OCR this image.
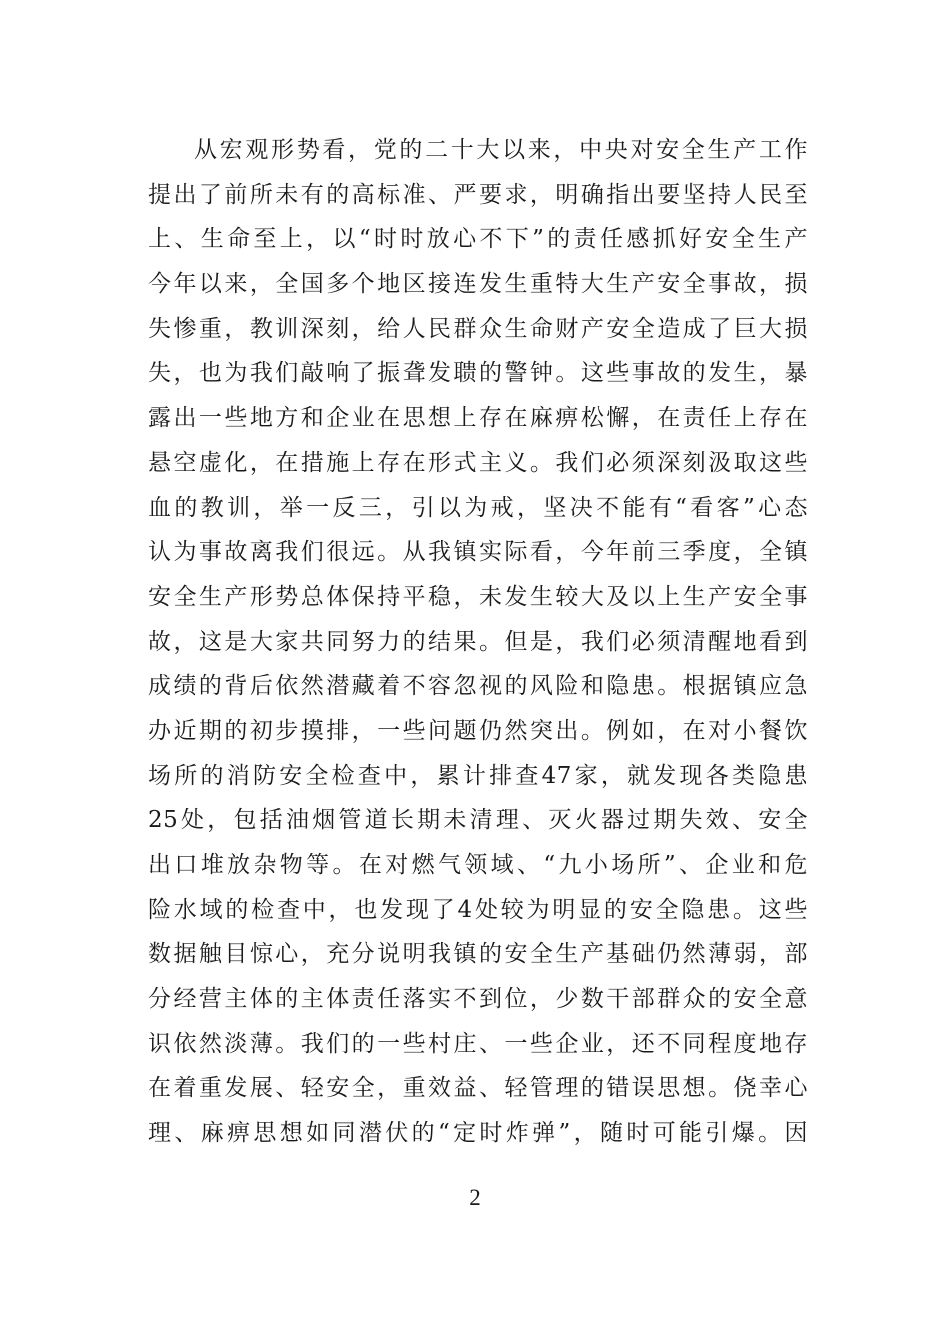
从宏观形势看，党的二十大以来，中央对安全生产工作
提出了前所未有的高标准、严要求，明确指出要坚持人民至
上、生命至上，以“时时放心不下”的责任感抓好安全生产
今年以来，全国多个地区接连发生重特大生产安全事故，损
失惨重，教训深刻，给人民群众生命财产安全造成了巨大损
失，也为我们敲响了振聋发聩的警钟。这些事故的发生，暴
露出一些地方和企业在思想上存在麻痹松懈，在责任上存在
悬空虚化，在措施上存在形式主义。我们必须深刻汲取这些
血的教训，举一反三，引以为戒，坚决不能有“看客”心态
认为事故离我们很远。从我镇实际看，今年前三季度，全镇
安全生产形势总体保持平稳，未发生较大及以上生产安全事
故，这是大家共同努力的结果。但是，我们必须清醒地看到
成绩的背后依然潜藏着不容忽视的风险和隐患。根据镇应急
办近期的初步摸排，一些问题仍然突出。例如，在对小餐饮
场所的消防安全检查中，累计排查47家，就发现各类隐患
25处，包括油烟管道长期未清理、灭火器过期失效、安全
出口堆放杂物等。在对燃气领域、“九小场所”、企业和危
险水域的检查中，也发现了4处较为明显的安全隐患。这些
数据触目惊心，充分说明我镇的安全生产基础仍然薄弱，部
分经营主体的主体责任落实不到位，少数干部群众的安全意
识依然淡薄。我们的一些村庄、一些企业，还不同程度地存
在着重发展、轻安全，重效益、轻管理的错误思想。侥幸心
理、麻痹思想如同潜伏的“定时炸弹”，随时可能引爆。因
2
